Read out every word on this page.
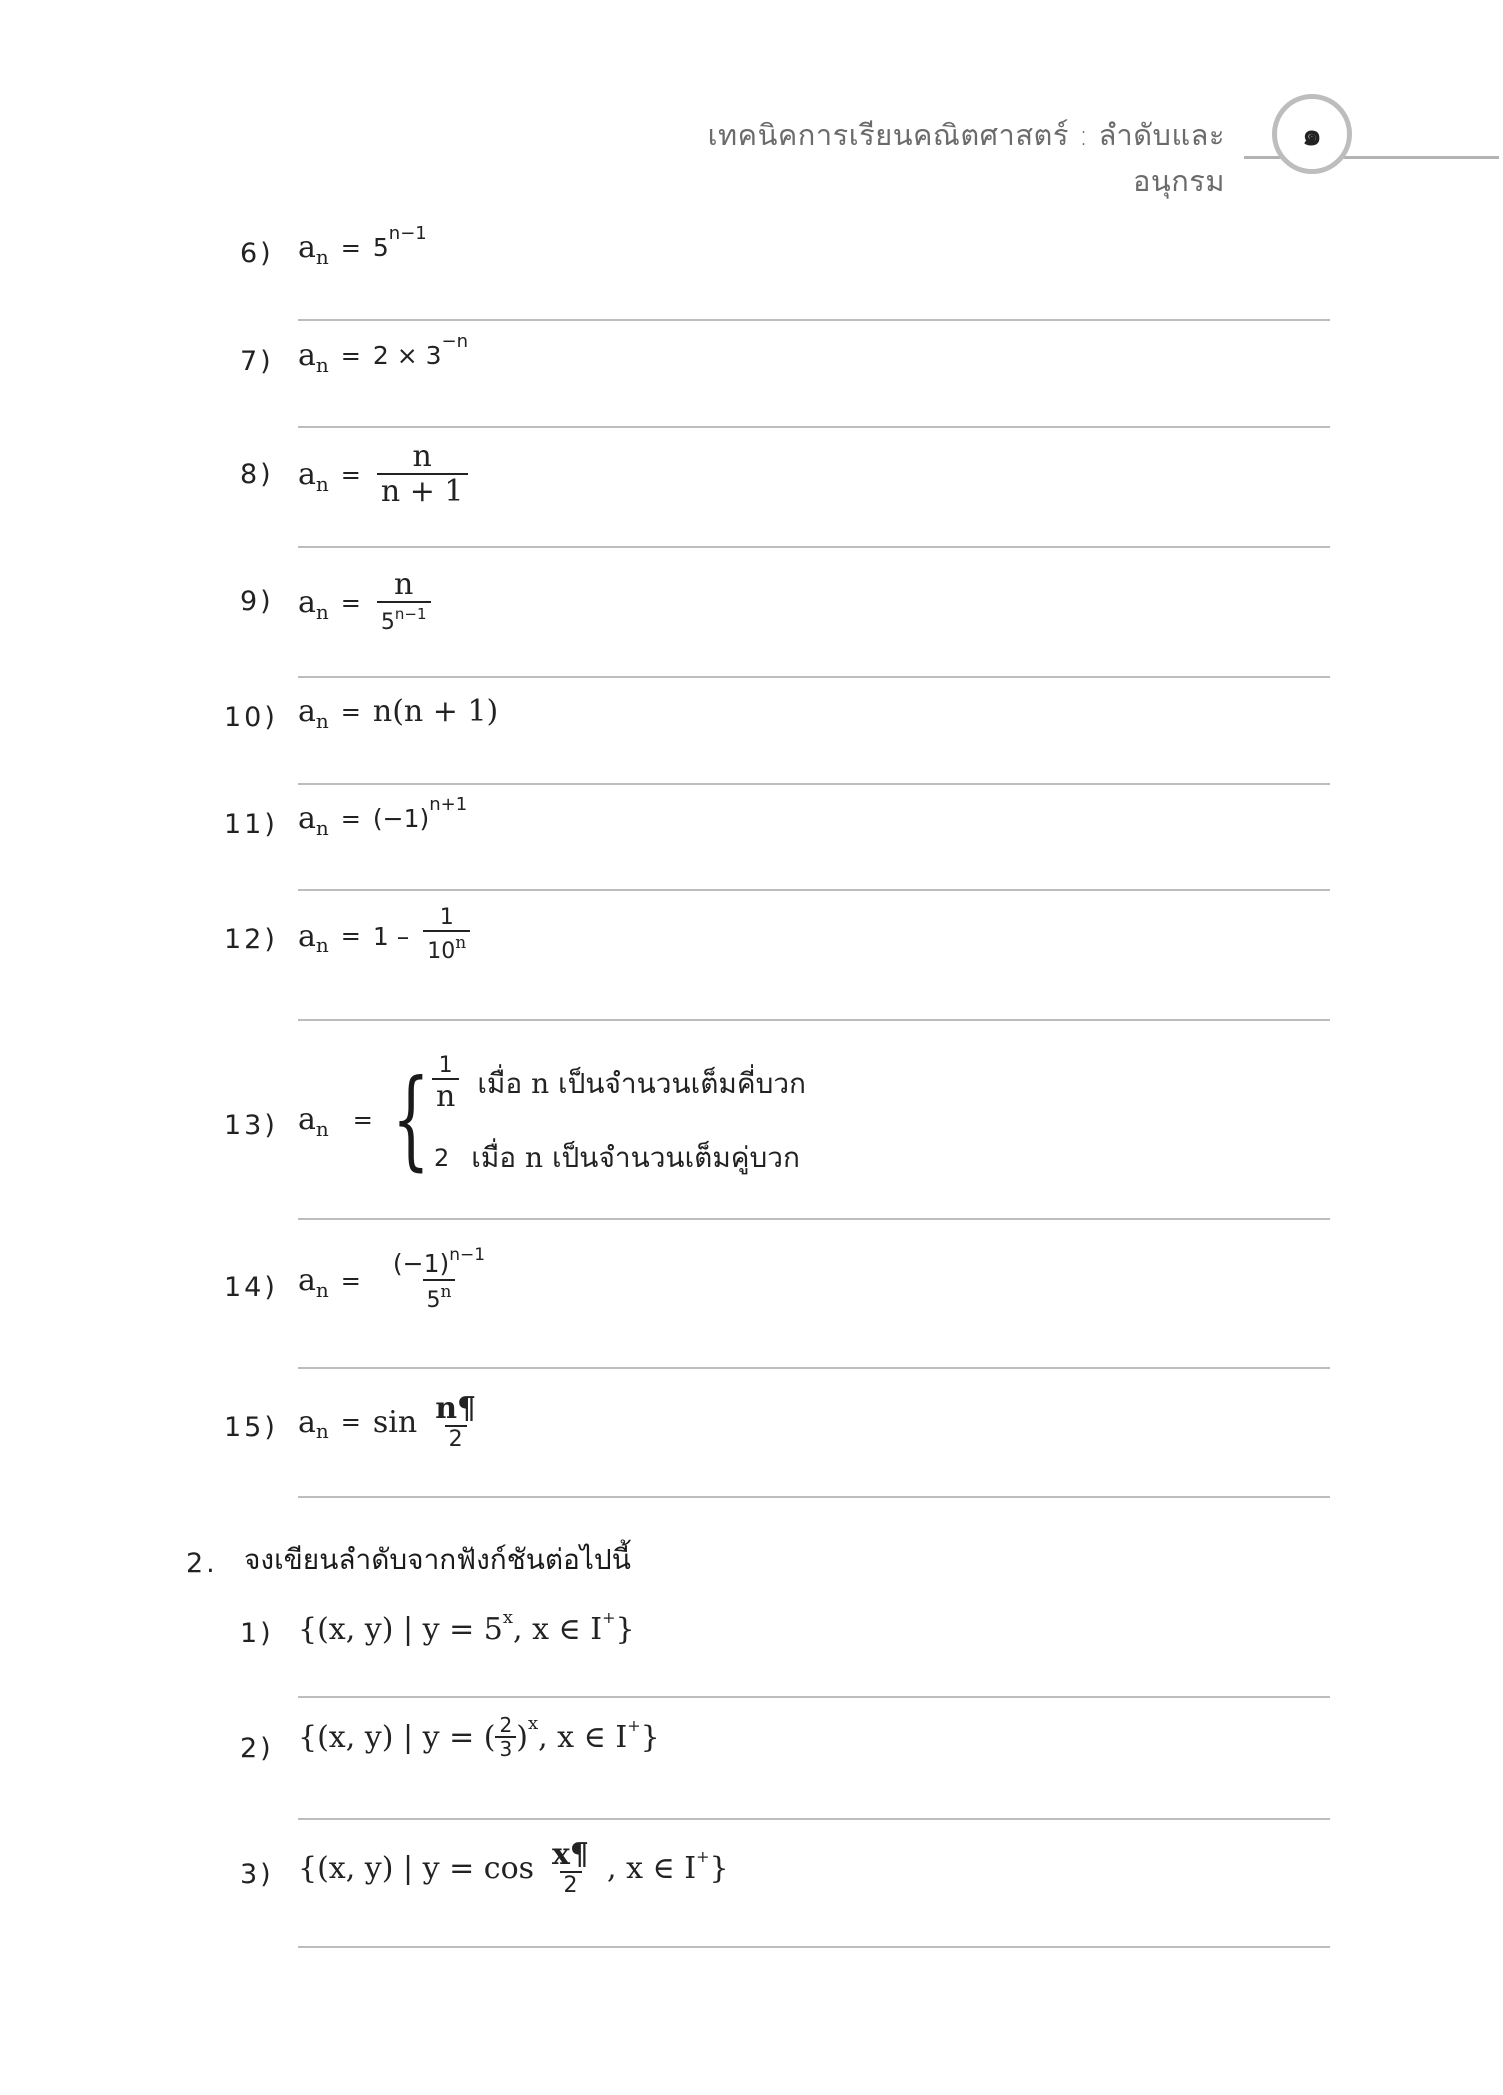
เทคนิคการเรียนคณิตศาสตร์ : ลำดับและอนุกรม
๑
6) a n = 5 n−1
7) a n = 2 × 3 −n
8) a $n = \frac{n}{n + 1}$
9) a $n = \frac{n}{5^{n-1}}$
10) a n = n(n + 1)
11) a n = (−1) n+1
12) a $n = 1 - \frac{1}{10^n}$
13) a n = { $\frac{1}{n}$ เมื่อ n เป็นจำนวนเต็มคี่บวก
2 เมื่อ n เป็นจำนวนเต็มคู่บวก
14) a $n = \frac{(-1)^{n-1}}{5^n}$
15) a $n = \sin \frac{n\P}{2}$
2. จงเขียนลำดับจากฟังก์ชันต่อไปนี้
1) {(x, y) | y = 5 x , x ∈ I + }
2) {(x, y) | y = ( $\frac{2}{3}$ ) x , x ∈ I + }
3) {(x, y) | $y = \cos \frac{x\P}{2}$ , x ∈ I + }
